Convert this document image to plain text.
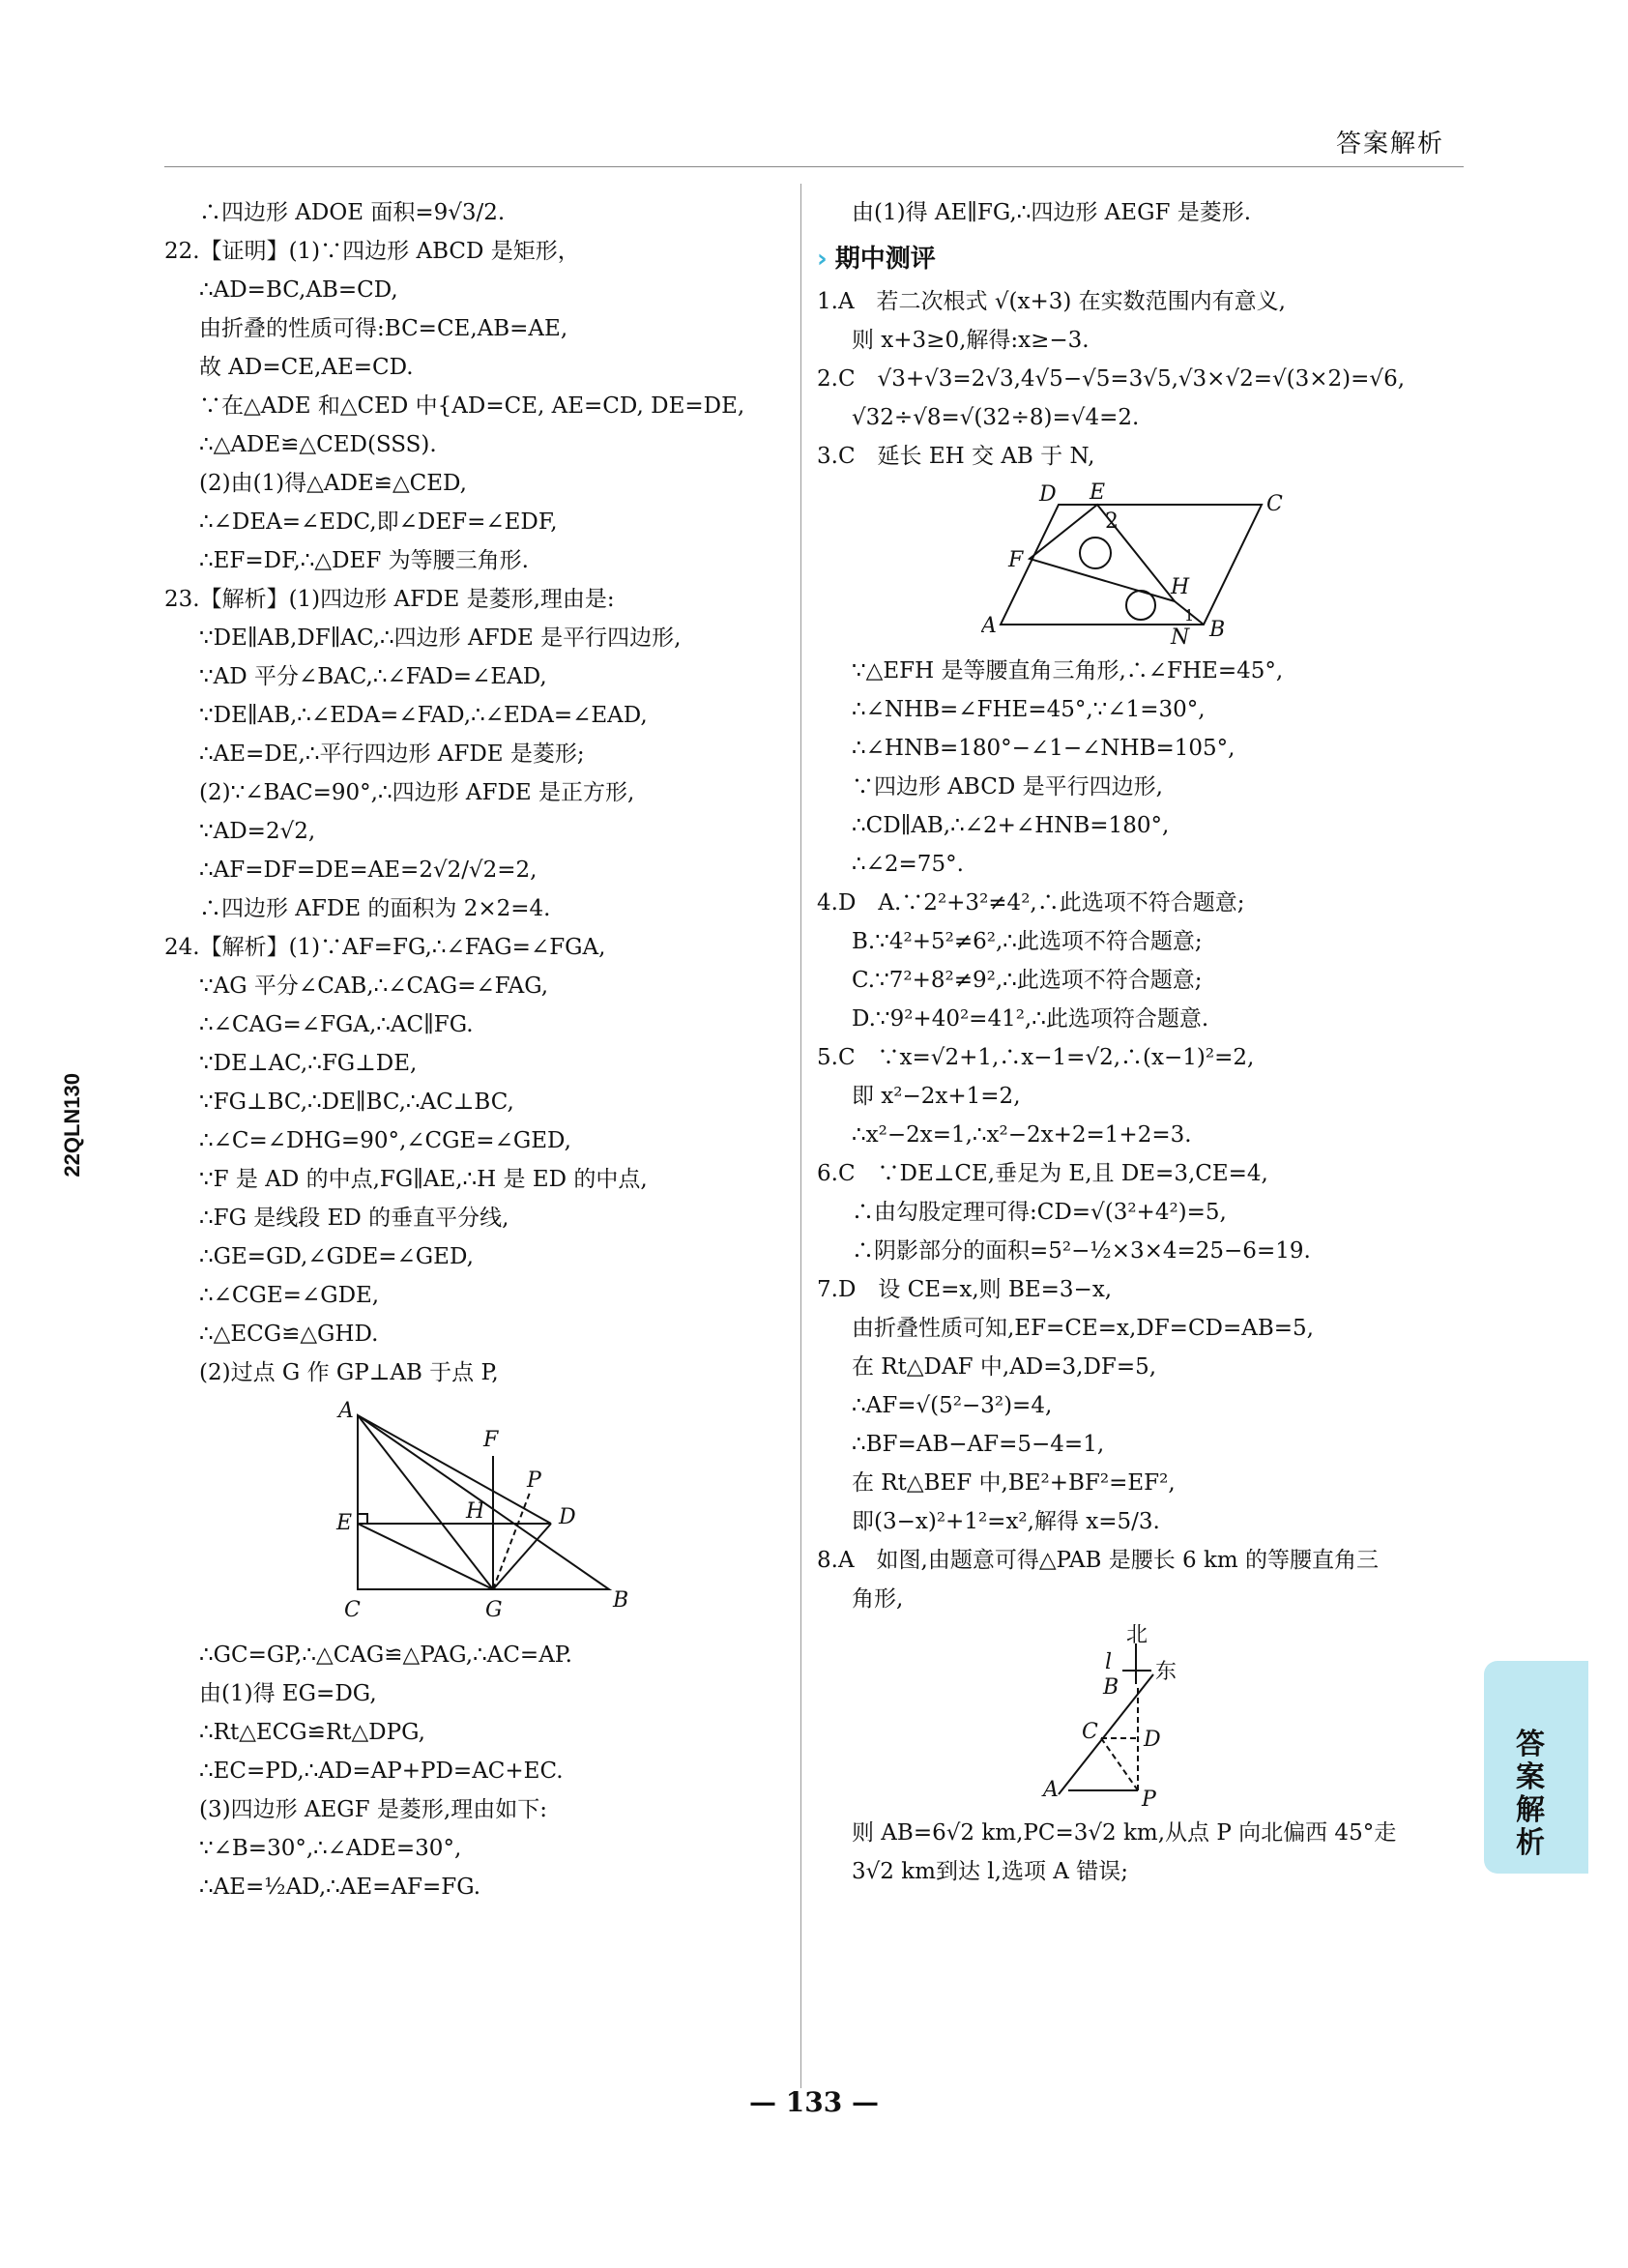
答案解析
22QLN130
∴四边形 ADOE 面积=9√3/2.
22.【证明】(1)∵四边形 ABCD 是矩形，
∴AD=BC,AB=CD,
由折叠的性质可得:BC=CE,AB=AE,
故 AD=CE,AE=CD.
∵在△ADE 和△CED 中{AD=CE, AE=CD, DE=DE,
∴△ADE≌△CED(SSS).
(2)由(1)得△ADE≌△CED,
∴∠DEA=∠EDC,即∠DEF=∠EDF,
∴EF=DF,∴△DEF 为等腰三角形.
23.【解析】(1)四边形 AFDE 是菱形,理由是:
∵DE∥AB,DF∥AC,∴四边形 AFDE 是平行四边形,
∵AD 平分∠BAC,∴∠FAD=∠EAD,
∵DE∥AB,∴∠EDA=∠FAD,∴∠EDA=∠EAD,
∴AE=DE,∴平行四边形 AFDE 是菱形;
(2)∵∠BAC=90°,∴四边形 AFDE 是正方形,
∵AD=2√2,
∴AF=DF=DE=AE=2√2/√2=2,
∴四边形 AFDE 的面积为 2×2=4.
24.【解析】(1)∵AF=FG,∴∠FAG=∠FGA,
∵AG 平分∠CAB,∴∠CAG=∠FAG,
∴∠CAG=∠FGA,∴AC∥FG.
∵DE⊥AC,∴FG⊥DE,
∵FG⊥BC,∴DE∥BC,∴AC⊥BC,
∴∠C=∠DHG=90°,∠CGE=∠GED,
∵F 是 AD 的中点,FG∥AE,∴H 是 ED 的中点,
∴FG 是线段 ED 的垂直平分线,
∴GE=GD,∠GDE=∠GED,
∴∠CGE=∠GDE,
∴△ECG≌△GHD.
(2)过点 G 作 GP⊥AB 于点 P,
A
F
P
E	H	D
C	G	B
∴GC=GP,∴△CAG≌△PAG,∴AC=AP.
由(1)得 EG=DG,
∴Rt△ECG≌Rt△DPG,
∴EC=PD,∴AD=AP+PD=AC+EC.
(3)四边形 AEGF 是菱形,理由如下:
∵∠B=30°,∴∠ADE=30°,
∴AE=½AD,∴AE=AF=FG.
由(1)得 AE∥FG,∴四边形 AEGF 是菱形.
› 期中测评
1.A　若二次根式 √(x+3) 在实数范围内有意义,
则 x+3≥0,解得:x≥−3.
2.C　√3+√3=2√3,4√5−√5=3√5,√3×√2=√(3×2)=√6,
√32÷√8=√(32÷8)=√4=2.
3.C　延长 EH 交 AB 于 N,
D E
2
C
F
H
A	1
N B
∵△EFH 是等腰直角三角形,∴∠FHE=45°,
∴∠NHB=∠FHE=45°,∵∠1=30°,
∴∠HNB=180°−∠1−∠NHB=105°,
∵四边形 ABCD 是平行四边形,
∴CD∥AB,∴∠2+∠HNB=180°,
∴∠2=75°.
4.D　A.∵2²+3²≠4²,∴此选项不符合题意;
B.∵4²+5²≠6²,∴此选项不符合题意;
C.∵7²+8²≠9²,∴此选项不符合题意;
D.∵9²+40²=41²,∴此选项符合题意.
5.C　∵x=√2+1,∴x−1=√2,∴(x−1)²=2,
即 x²−2x+1=2,
∴x²−2x=1,∴x²−2x+2=1+2=3.
6.C　∵DE⊥CE,垂足为 E,且 DE=3,CE=4,
∴由勾股定理可得:CD=√(3²+4²)=5,
∴阴影部分的面积=5²−½×3×4=25−6=19.
7.D　设 CE=x,则 BE=3−x,
由折叠性质可知,EF=CE=x,DF=CD=AB=5,
在 Rt△DAF 中,AD=3,DF=5,
∴AF=√(5²−3²)=4,
∴BF=AB−AF=5−4=1,
在 Rt△BEF 中,BE²+BF²=EF²,
即(3−x)²+1²=x²,解得 x=5/3.
8.A　如图,由题意可得△PAB 是腰长 6 km 的等腰直角三
角形,
北
l 东
B
C D
A	P
则 AB=6√2 km,PC=3√2 km,从点 P 向北偏西 45°走
3√2 km到达 l,选项 A 错误;
答案解析
— 133 —
